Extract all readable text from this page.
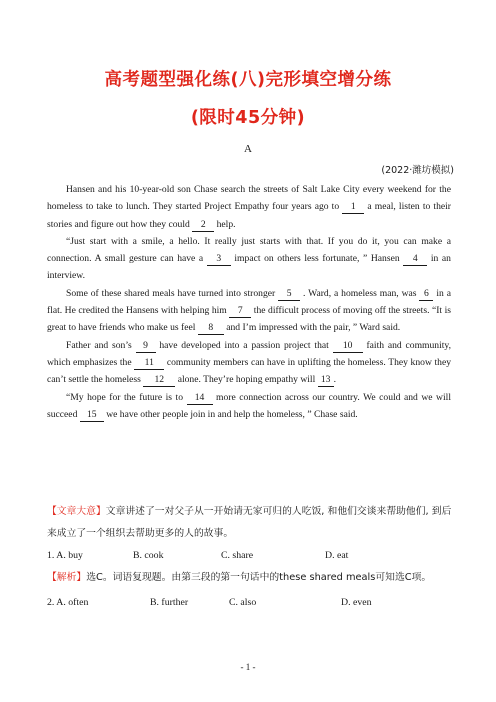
高考题型强化练(八)完形填空增分练
(限时45分钟)
A
(2022·潍坊模拟)

Hansen and his 10-year-old son Chase search the streets of Salt Lake City every weekend for the homeless to take to lunch. They started Project Empathy four years ago to 1 a meal, listen to their stories and figure out how they could 2 help.

“Just start with a smile, a hello. It really just starts with that. If you do it, you can make a connection. A small gesture can have a 3 impact on others less fortunate, ” Hansen 4 in an interview.

Some of these shared meals have turned into stronger 5 . Ward, a homeless man, was 6 in a flat. He credited the Hansens with helping him 7 the difficult process of moving off the streets. “It is great to have friends who make us feel 8 and I’m impressed with the pair, ” Ward said.

Father and son’s 9 have developed into a passion project that 10 faith and community, which emphasizes the 11 community members can have in uplifting the homeless. They know they can’t settle the homeless 12 alone. They’re hoping empathy will 13 .

“My hope for the future is to 14 more connection across our country. We could and we will succeed 15 we have other people join in and help the homeless, ” Chase said.

【文章大意】文章讲述了一对父子从一开始请无家可归的人吃饭, 和他们交谈来帮助他们, 到后来成立了一个组织去帮助更多的人的故事。
1. A. buy	B. cook	C. share	D. eat
【解析】选C。词语复现题。由第三段的第一句话中的these shared meals可知选C项。
2. A. often	B. further	C. also	D. even
- 1 -
